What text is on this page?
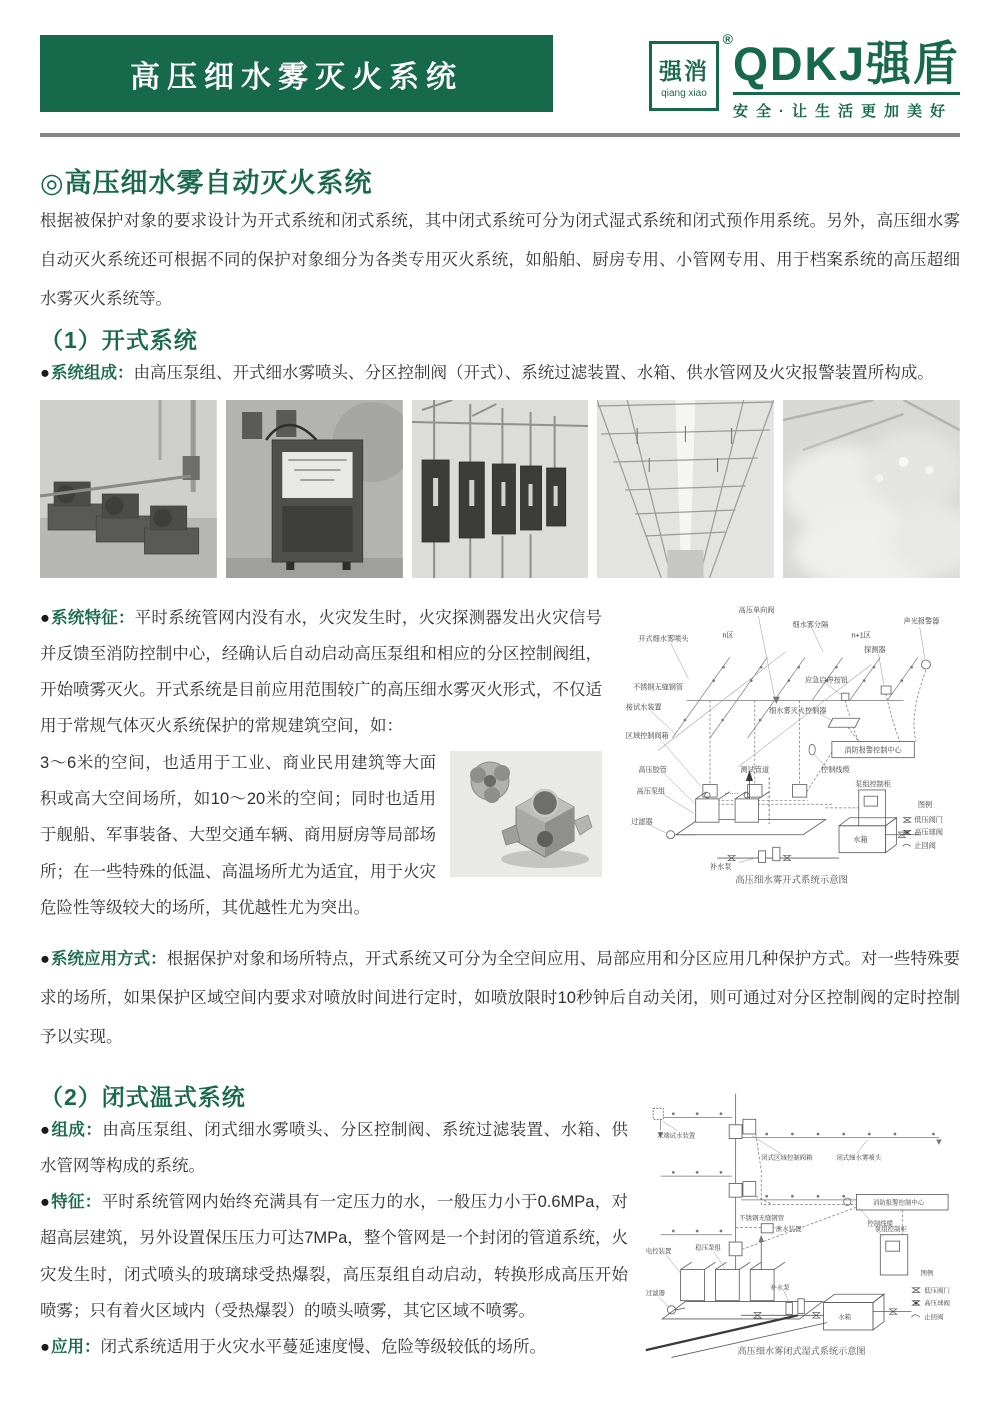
高压细水雾灭火系统	强消
qiang xiao
® QDKJ强盾
安全·让生活更加美好
◎高压细水雾自动灭火系统

根据被保护对象的要求设计为开式系统和闭式系统，其中闭式系统可分为闭式湿式系统和闭式预作用系统。另外，高压细水雾自动灭火系统还可根据不同的保护对象细分为各类专用灭火系统，如船舶、厨房专用、小管网专用、用于档案系统的高压超细水雾灭火系统等。

（1）开式系统

●系统组成：由高压泵组、开式细水雾喷头、分区控制阀（开式）、系统过滤装置、水箱、供水管网及火灾报警装置所构成。

●系统特征：平时系统管网内没有水，火灾发生时，火灾探测器发出火灾信号并反馈至消防控制中心，经确认后自动启动高压泵组和相应的分区控制阀组，开始喷雾灭火。开式系统是目前应用范围较广的高压细水雾灭火形式，不仅适用于常规气体灭火系统保护的常规建筑空间，如：

3～6米的空间，也适用于工业、商业民用建筑等大面积或高大空间场所，如10～20米的空间；同时也适用于舰船、军事装备、大型交通车辆、商用厨房等局部场所；在一些特殊的低温、高温场所尤为适宜，用于火灾危险性等级较大的场所，其优越性尤为突出。
高压单向阀
细水雾分隔
n区	n+1区
开式细水雾喷头
声光报警器
探测器
不锈钢无缝钢管
应急启停按钮
接试水装置	细水雾灭火控制器
区域控制阀箱
消防报警控制中心
······
控制线缆
高压胶管	测试管道
泵组控制柜
高压泵组
过滤器
水箱
补水泵
图例
低压阀门
高压球阀
止回阀
高压细水雾开式系统示意图

●系统应用方式：根据保护对象和场所特点，开式系统又可分为全空间应用、局部应用和分区应用几种保护方式。对一些特殊要求的场所，如果保护区域空间内要求对喷放时间进行定时，如喷放限时10秒钟后自动关闭，则可通过对分区控制阀的定时控制予以实现。

（2）闭式温式系统

●组成：由高压泵组、闭式细水雾喷头、分区控制阀、系统过滤装置、水箱、供水管网等构成的系统。

●特征：平时系统管网内始终充满具有一定压力的水，一般压力小于0.6MPa，对超高层建筑，另外设置保压压力可达7MPa，整个管网是一个封闭的管道系统，火灾发生时，闭式喷头的玻璃球受热爆裂，高压泵组自动启动，转换形成高压开始喷雾；只有着火区域内（受热爆裂）的喷头喷雾，其它区域不喷雾。

●应用：闭式系统适用于火灾水平蔓延速度慢、危险等级较低的场所。

末端试水装置
闭式区域控制阀箱	闭式细水雾喷头
不锈钢无缝钢管
消防报警控制中心
控制线缆
稳压泵组
电控装置
泄水装置	泵组控制柜
过滤器
补水泵
水箱
图例
低压阀门
高压球阀
止回阀
高压细水雾闭式湿式系统示意图
